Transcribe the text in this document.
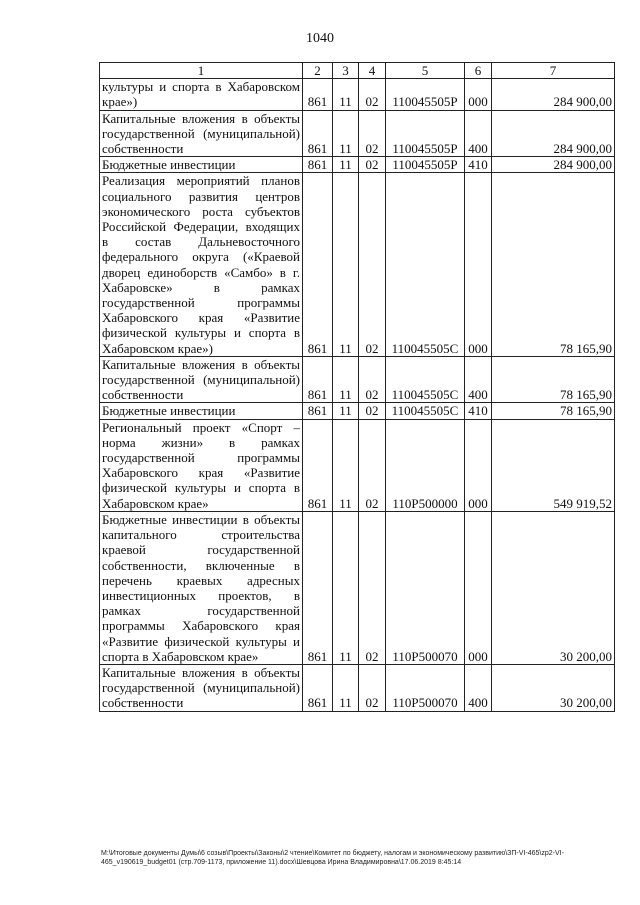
1040
1	2	3	4	5	6	7
культуры и спорта в Хабаровском крае»)	861	11	02	110045505Р	000	284 900,00
Капитальные вложения в объекты государственной (муниципальной) собственности	861	11	02	110045505Р	400	284 900,00
Бюджетные инвестиции	861	11	02	110045505Р	410	284 900,00
Реализация мероприятий планов социального развития центров экономического роста субъектов Российской Федерации, входящих в состав Дальневосточного федерального округа («Краевой дворец единоборств «Самбо» в г. Хабаровске» в рамках государственной программы Хабаровского края «Развитие физической культуры и спорта в Хабаровском крае»)	861	11	02	110045505С	000	78 165,90
Капитальные вложения в объекты государственной (муниципальной) собственности	861	11	02	110045505С	400	78 165,90
Бюджетные инвестиции	861	11	02	110045505С	410	78 165,90
Региональный проект «Спорт – норма жизни» в рамках государственной программы Хабаровского края «Развитие физической культуры и спорта в Хабаровском крае»	861	11	02	110Р500000	000	549 919,52
Бюджетные инвестиции в объекты капитального строительства краевой государственной собственности, включенные в перечень краевых адресных инвестиционных проектов, в рамках государственной программы Хабаровского края «Развитие физической культуры и спорта в Хабаровском крае»	861	11	02	110Р500070	000	30 200,00
Капитальные вложения в объекты государственной (муниципальной) собственности	861	11	02	110Р500070	400	30 200,00
М:\Итоговые документы Думы\6 созыв\Проекты\Законы\2 чтение\Комитет по бюджету, налогам и экономическому развитию\ЗП-VI-465\zp2-VI-465_v190619_budget01 (стр.709-1173, приложение 11).docx\Шевцова Ирина Владимировна\17.06.2019 8:45:14
